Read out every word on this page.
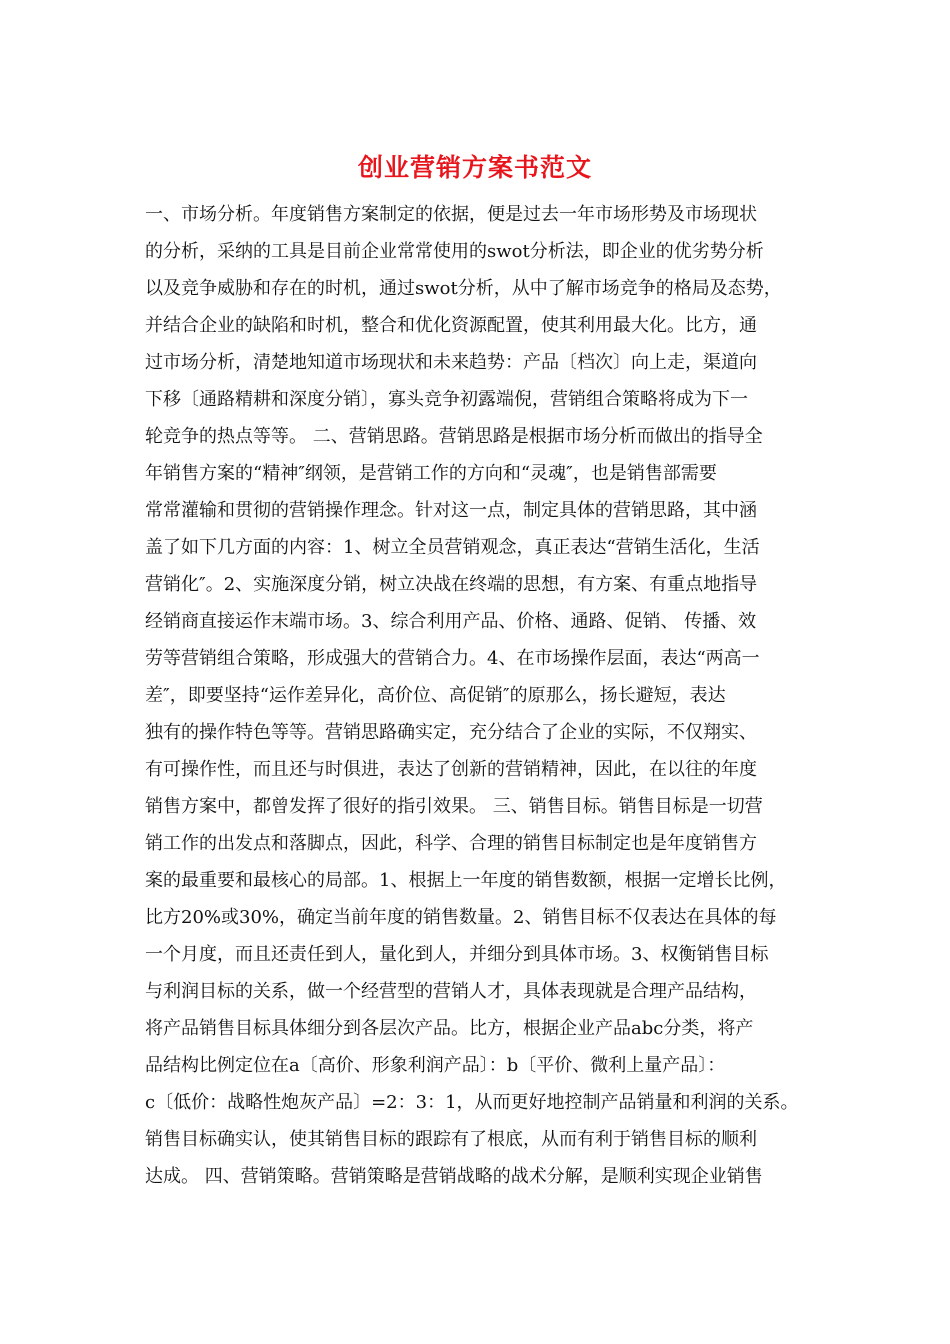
创业营销方案书范文
一、市场分析。年度销售方案制定的依据，便是过去一年市场形势及市场现状
的分析，采纳的工具是目前企业常常使用的swot分析法，即企业的优劣势分析
以及竞争威胁和存在的时机，通过swot分析，从中了解市场竞争的格局及态势，
并结合企业的缺陷和时机，整合和优化资源配置，使其利用最大化。比方，通
过市场分析，清楚地知道市场现状和未来趋势：产品〔档次〕向上走，渠道向
下移〔通路精耕和深度分销〕，寡头竞争初露端倪，营销组合策略将成为下一
轮竞争的热点等等。 二、营销思路。营销思路是根据市场分析而做出的指导全
年销售方案的“精神″纲领，是营销工作的方向和“灵魂″，也是销售部需要
常常灌输和贯彻的营销操作理念。针对这一点，制定具体的营销思路，其中涵
盖了如下几方面的内容：1、树立全员营销观念，真正表达“营销生活化，生活
营销化″。2、实施深度分销，树立决战在终端的思想，有方案、有重点地指导
经销商直接运作末端市场。3、综合利用产品、价格、通路、促销、 传播、效
劳等营销组合策略，形成强大的营销合力。4、在市场操作层面，表达“两高一
差″，即要坚持“运作差异化，高价位、高促销″的原那么，扬长避短，表达
独有的操作特色等等。营销思路确实定，充分结合了企业的实际，不仅翔实、
有可操作性，而且还与时俱进，表达了创新的营销精神，因此，在以往的年度
销售方案中，都曾发挥了很好的指引效果。 三、销售目标。销售目标是一切营
销工作的出发点和落脚点，因此，科学、合理的销售目标制定也是年度销售方
案的最重要和最核心的局部。1、根据上一年度的销售数额，根据一定增长比例，
比方20%或30%，确定当前年度的销售数量。2、销售目标不仅表达在具体的每
一个月度，而且还责任到人，量化到人，并细分到具体市场。3、权衡销售目标
与利润目标的关系，做一个经营型的营销人才，具体表现就是合理产品结构，
将产品销售目标具体细分到各层次产品。比方，根据企业产品abc分类，将产
品结构比例定位在a〔高价、形象利润产品〕：b〔平价、微利上量产品〕：
c〔低价：战略性炮灰产品〕=2：3：1，从而更好地控制产品销量和利润的关系。
销售目标确实认，使其销售目标的跟踪有了根底，从而有利于销售目标的顺利
达成。 四、营销策略。营销策略是营销战略的战术分解，是顺利实现企业销售
